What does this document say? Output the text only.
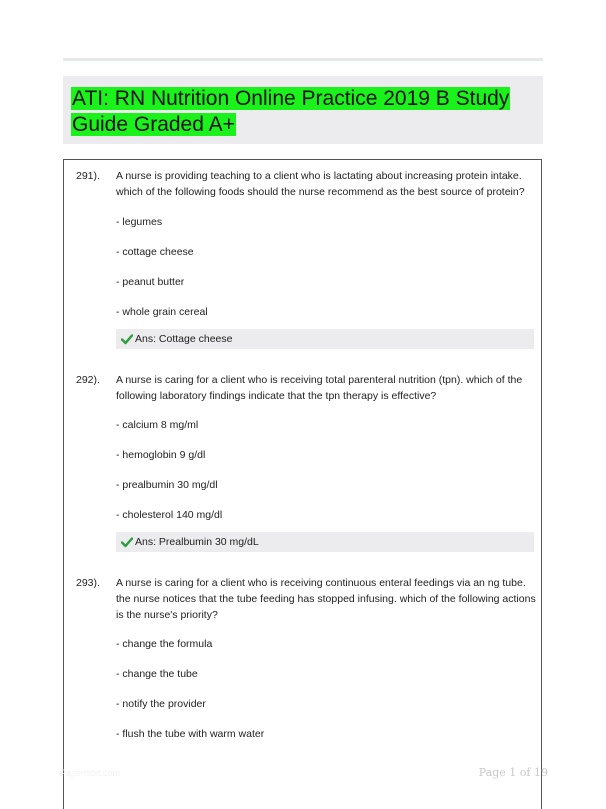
ATI: RN Nutrition Online Practice 2019 B Study Guide Graded A+
291). A nurse is providing teaching to a client who is lactating about increasing protein intake. which of the following foods should the nurse recommend as the best source of protein?
- legumes
- cottage cheese
- peanut butter
- whole grain cereal
Ans: Cottage cheese
292). A nurse is caring for a client who is receiving total parenteral nutrition (tpn). which of the following laboratory findings indicate that the tpn therapy is effective?
- calcium 8 mg/ml
- hemoglobin 9 g/dl
- prealbumin 30 mg/dl
- cholesterol 140 mg/dl
Ans: Prealbumin 30 mg/dL
293). A nurse is caring for a client who is receiving continuous enteral feedings via an ng tube. the nurse notices that the tube feeding has stopped infusing. which of the following actions is the nurse's priority?
- change the formula
- change the tube
- notify the provider
- flush the tube with warm water
Paperhibit.com	Page 1 of 19
